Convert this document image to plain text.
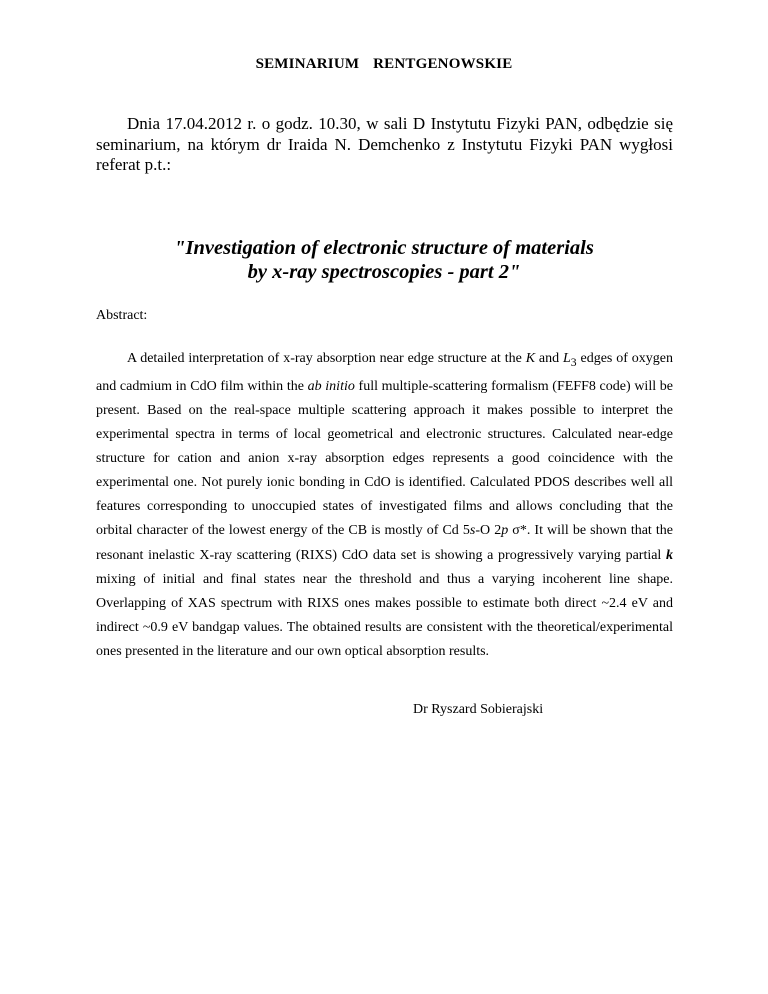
SEMINARIUM  RENTGENOWSKIE

Dnia 17.04.2012 r. o godz. 10.30, w sali D Instytutu Fizyki PAN, odbędzie się seminarium, na którym dr Iraida N. Demchenko z Instytutu Fizyki PAN wygłosi referat p.t.:

"Investigation of electronic structure of materials
by x-ray spectroscopies - part 2"
Abstract:

A detailed interpretation of x-ray absorption near edge structure at the K and $L_3$ edges of oxygen and cadmium in CdO film within the ab initio full multiple-scattering formalism (FEFF8 code) will be present. Based on the real-space multiple scattering approach it makes possible to interpret the experimental spectra in terms of local geometrical and electronic structures. Calculated near-edge structure for cation and anion x-ray absorption edges represents a good coincidence with the experimental one. Not purely ionic bonding in CdO is identified. Calculated PDOS describes well all features corresponding to unoccupied states of investigated films and allows concluding that the orbital character of the lowest energy of the CB is mostly of Cd 5s-O 2p σ*. It will be shown that the resonant inelastic X-ray scattering (RIXS) CdO data set is showing a progressively varying partial k mixing of initial and final states near the threshold and thus a varying incoherent line shape. Overlapping of XAS spectrum with RIXS ones makes possible to estimate both direct ~2.4 eV and indirect ~0.9 eV bandgap values. The obtained results are consistent with the theoretical/experimental ones presented in the literature and our own optical absorption results.

Dr Ryszard Sobierajski
